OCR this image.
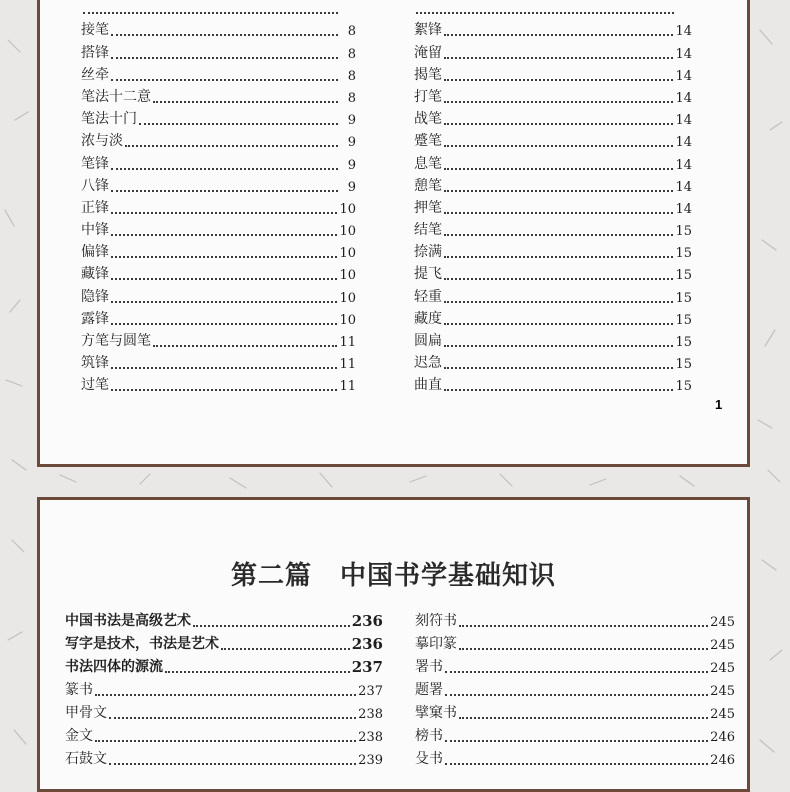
接笔	8
搭锋	8
丝牵	8
笔法十二意	8
笔法十门	9
浓与淡	9
笔锋	9
八锋	9
正锋	10
中锋	10
偏锋	10
藏锋	10
隐锋	10
露锋	10
方笔与圆笔	11
筑锋	11
过笔	11
絮锋	14
淹留	14
揭笔	14
打笔	14
战笔	14
蹙笔	14
息笔	14
憩笔	14
押笔	14
结笔	15
捺满	15
提飞	15
轻重	15
藏度	15
圆扁	15
迟急	15
曲直	15
1
第二篇 中国书学基础知识
中国书法是高级艺术	236
写字是技术，书法是艺术	236
书法四体的源流	237
篆书	237
甲骨文	238
金文	238
石鼓文	239
刻符书	245
摹印篆	245
署书	245
题署	245
擘窠书	245
榜书	246
殳书	246
